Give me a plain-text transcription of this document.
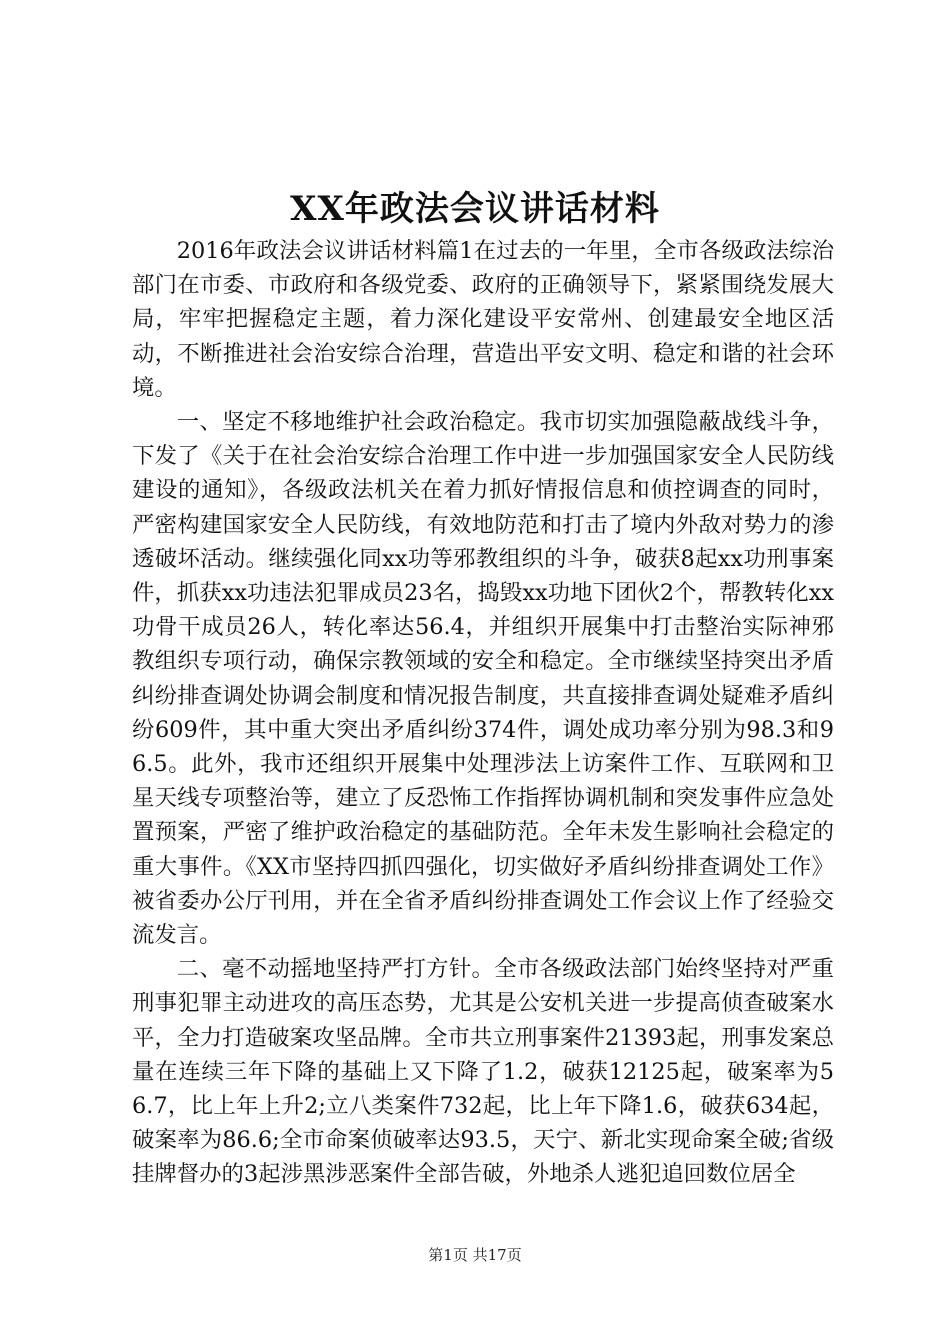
XX年政法会议讲话材料

2016年政法会议讲话材料篇1在过去的一年里，全市各级政法综治部门在市委、市政府和各级党委、政府的正确领导下，紧紧围绕发展大局，牢牢把握稳定主题，着力深化建设平安常州、创建最安全地区活动，不断推进社会治安综合治理，营造出平安文明、稳定和谐的社会环境。

一、坚定不移地维护社会政治稳定。我市切实加强隐蔽战线斗争，下发了《关于在社会治安综合治理工作中进一步加强国家安全人民防线建设的通知》，各级政法机关在着力抓好情报信息和侦控调查的同时，严密构建国家安全人民防线，有效地防范和打击了境内外敌对势力的渗透破坏活动。继续强化同xx功等邪教组织的斗争，破获8起xx功刑事案件，抓获xx功违法犯罪成员23名，捣毁xx功地下团伙2个，帮教转化xx功骨干成员26人，转化率达56.4，并组织开展集中打击整治实际神邪教组织专项行动，确保宗教领域的安全和稳定。全市继续坚持突出矛盾纠纷排查调处协调会制度和情况报告制度，共直接排查调处疑难矛盾纠纷609件，其中重大突出矛盾纠纷374件，调处成功率分别为98.3和96.5。此外，我市还组织开展集中处理涉法上访案件工作、互联网和卫星天线专项整治等，建立了反恐怖工作指挥协调机制和突发事件应急处置预案，严密了维护政治稳定的基础防范。全年未发生影响社会稳定的重大事件。《XX市坚持四抓四强化，切实做好矛盾纠纷排查调处工作》被省委办公厅刊用，并在全省矛盾纠纷排查调处工作会议上作了经验交流发言。

二、毫不动摇地坚持严打方针。全市各级政法部门始终坚持对严重刑事犯罪主动进攻的高压态势，尤其是公安机关进一步提高侦查破案水平，全力打造破案攻坚品牌。全市共立刑事案件21393起，刑事发案总量在连续三年下降的基础上又下降了1.2，破获12125起，破案率为56.7，比上年上升2;立八类案件732起，比上年下降1.6，破获634起，破案率为86.6;全市命案侦破率达93.5，天宁、新北实现命案全破;省级挂牌督办的3起涉黑涉恶案件全部告破，外地杀人逃犯追回数位居全

第1页 共17页
